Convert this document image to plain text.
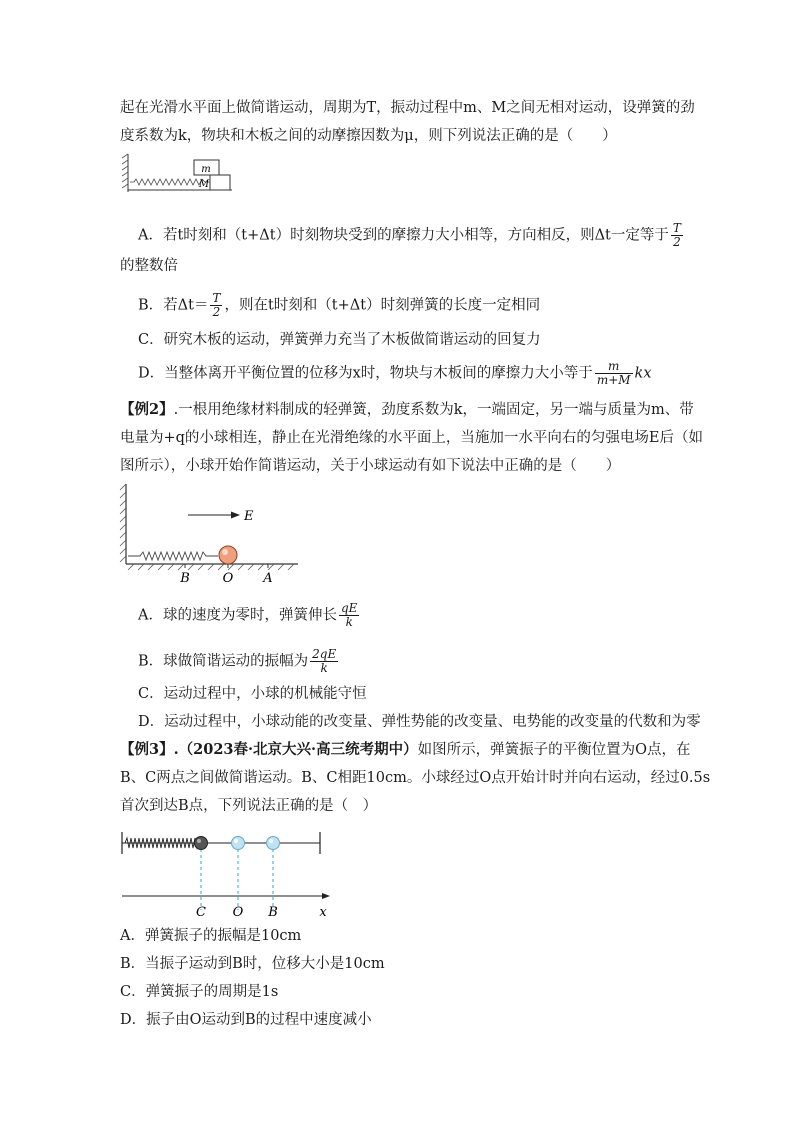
起在光滑水平面上做简谐运动，周期为T，振动过程中m、M之间无相对运动，设弹簧的劲
度系数为k，物块和木板之间的动摩擦因数为μ，则下列说法正确的是（　　）
m
M
A．若t时刻和（t+Δt）时刻物块受到的摩擦力大小相等，方向相反，则Δt一定等于 $\frac{T}{2}$
的整数倍
B．若$\Delta t= \frac{T}{2}$ ，则在t时刻和（t+Δt）时刻弹簧的长度一定相同
C．研究木板的运动，弹簧弹力充当了木板做简谐运动的回复力
D．当整体离开平衡位置的位移为x时，物块与木板间的摩擦力大小等于 $\frac{m}{m+M}$ kx
【例2】.一根用绝缘材料制成的轻弹簧，劲度系数为k，一端固定，另一端与质量为m、带
电量为+q的小球相连，静止在光滑绝缘的水平面上，当施加一水平向右的匀强电场E后（如
图所示），小球开始作简谐运动，关于小球运动有如下说法中正确的是（　　）
E
B	O A
A．球的速度为零时，弹簧伸长 $\frac{qE}{k}$
B．球做简谐运动的振幅为 $\frac{2qE}{k}$
C．运动过程中，小球的机械能守恒
D．运动过程中，小球动能的改变量、弹性势能的改变量、电势能的改变量的代数和为零
【例3】.（2023春·北京大兴·高三统考期中）如图所示，弹簧振子的平衡位置为O点，在
B、C两点之间做简谐运动。B、C相距10cm。小球经过O点开始计时并向右运动，经过0.5s
首次到达B点，下列说法正确的是（　）
C O B	x
A．弹簧振子的振幅是10cm
B．当振子运动到B时，位移大小是10cm
C．弹簧振子的周期是1s
D．振子由O运动到B的过程中速度减小
